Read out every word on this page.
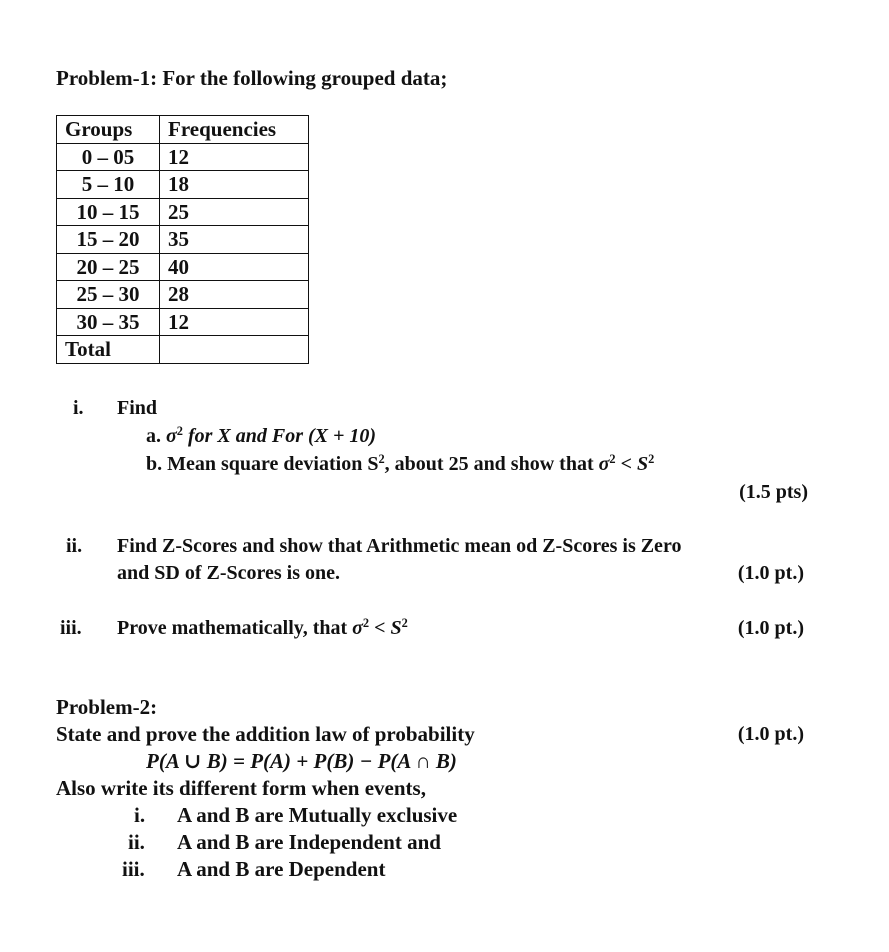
Problem-1: For the following grouped data;
Groups	Frequencies
0 – 05	12
5 – 10	18
10 – 15	25
15 – 20	35
20 – 25	40
25 – 30	28
30 – 35	12
Total	
i. Find
a. $\sigma^2$ for X and For (X + 10)
b. Mean square deviation $S^2$, about 25 and show that $\sigma^2 < S^2$
(1.5 pts)
ii. Find Z-Scores and show that Arithmetic mean od Z-Scores is Zero
and SD of Z-Scores is one.	(1.0 pt.)
iii. Prove mathematically, that $\sigma^2 < S^2$	(1.0 pt.)
Problem-2:
State and prove the addition law of probability	(1.0 pt.)
P(A ∪ B) = P(A) + P(B) − P(A ∩ B)
Also write its different form when events,
i. A and B are Mutually exclusive
ii. A and B are Independent and
iii. A and B are Dependent
